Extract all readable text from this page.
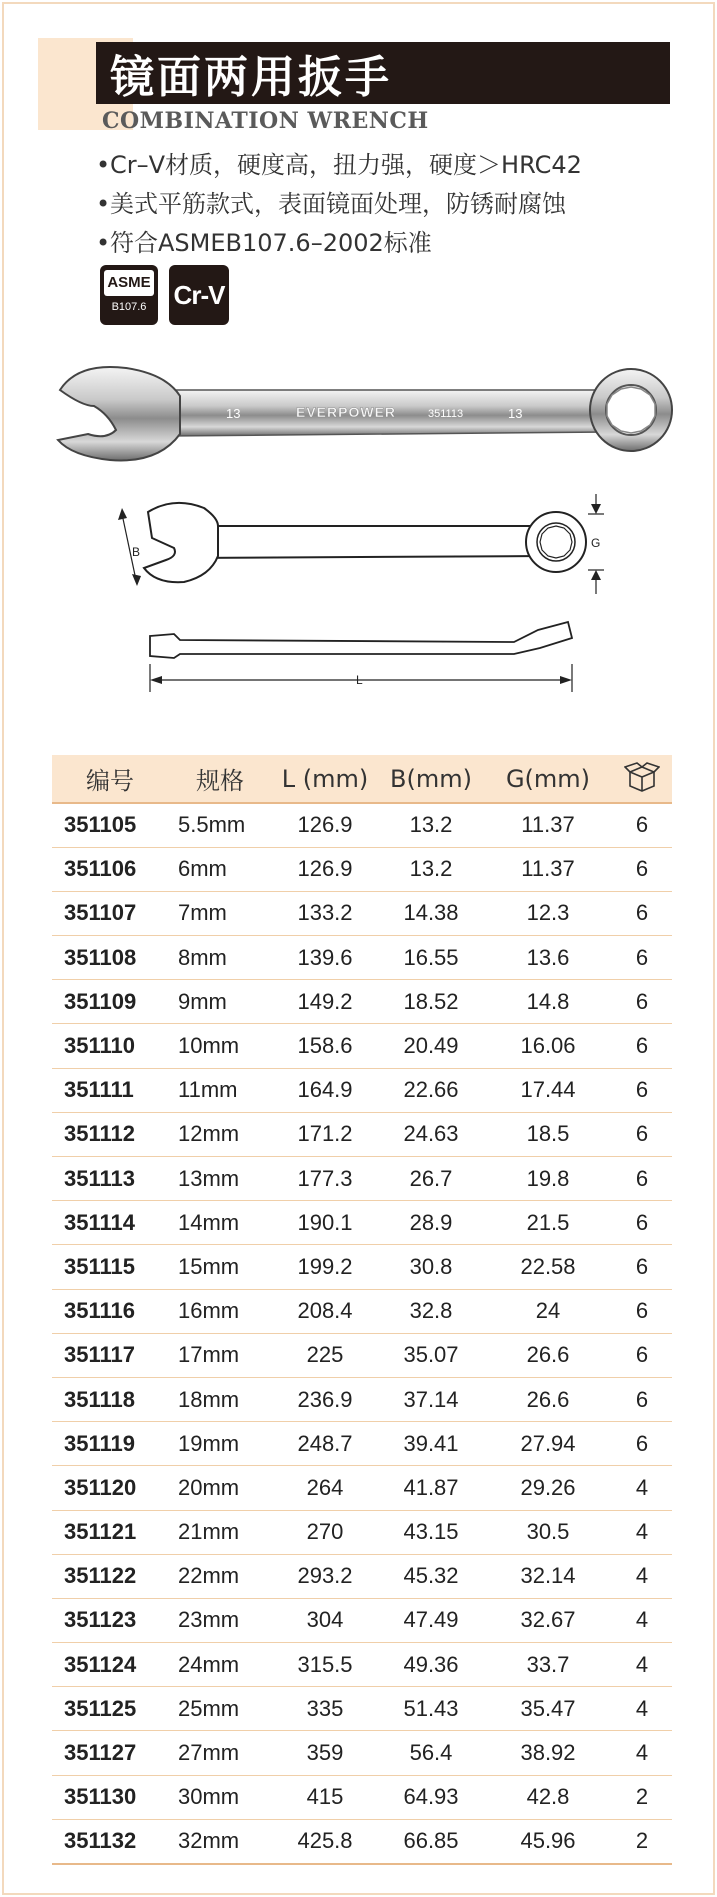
镜面两用扳手
COMBINATION WRENCH
•Cr–V材质，硬度高，扭力强，硬度＞HRC42
•美式平筋款式，表面镜面处理，防锈耐腐蚀
•符合ASMEB107.6–2002标准
ASME
B107.6	Cr-V
13	EVERPOWER	351113	13
B
G
L
编号	规格	L (mm)	B(mm)	G(mm)	
351105	5.5mm	126.9	13.2	11.37	6
351106	6mm	126.9	13.2	11.37	6
351107	7mm	133.2	14.38	12.3	6
351108	8mm	139.6	16.55	13.6	6
351109	9mm	149.2	18.52	14.8	6
351110	10mm	158.6	20.49	16.06	6
351111	11mm	164.9	22.66	17.44	6
351112	12mm	171.2	24.63	18.5	6
351113	13mm	177.3	26.7	19.8	6
351114	14mm	190.1	28.9	21.5	6
351115	15mm	199.2	30.8	22.58	6
351116	16mm	208.4	32.8	24	6
351117	17mm	225	35.07	26.6	6
351118	18mm	236.9	37.14	26.6	6
351119	19mm	248.7	39.41	27.94	6
351120	20mm	264	41.87	29.26	4
351121	21mm	270	43.15	30.5	4
351122	22mm	293.2	45.32	32.14	4
351123	23mm	304	47.49	32.67	4
351124	24mm	315.5	49.36	33.7	4
351125	25mm	335	51.43	35.47	4
351127	27mm	359	56.4	38.92	4
351130	30mm	415	64.93	42.8	2
351132	32mm	425.8	66.85	45.96	2
